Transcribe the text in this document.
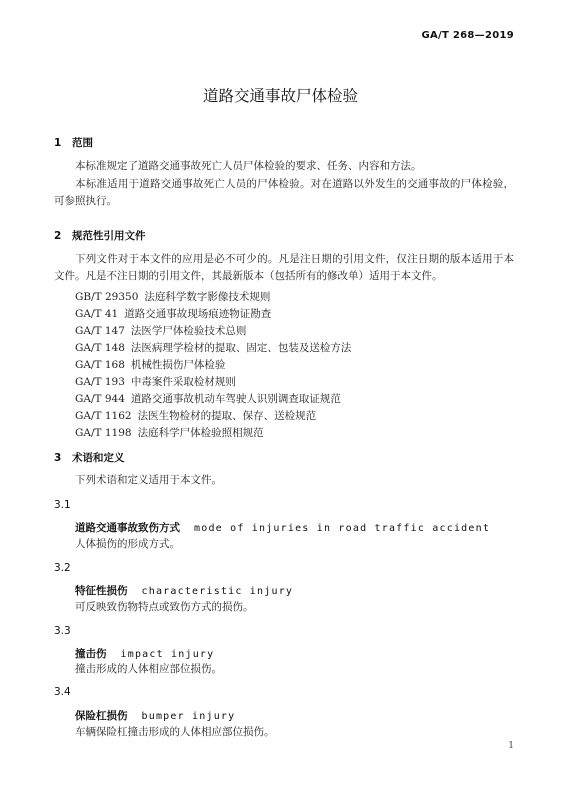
GA/T 268—2019
道路交通事故尸体检验
1 范围
本标准规定了道路交通事故死亡人员尸体检验的要求、任务、内容和方法。
本标准适用于道路交通事故死亡人员的尸体检验。对在道路以外发生的交通事故的尸体检验，可参照执行。
2 规范性引用文件
下列文件对于本文件的应用是必不可少的。凡是注日期的引用文件，仅注日期的版本适用于本文件。凡是不注日期的引用文件，其最新版本（包括所有的修改单）适用于本文件。
GB/T 29350 法庭科学数字影像技术规则
GA/T 41 道路交通事故现场痕迹物证勘查
GA/T 147 法医学尸体检验技术总则
GA/T 148 法医病理学检材的提取、固定、包装及送检方法
GA/T 168 机械性损伤尸体检验
GA/T 193 中毒案件采取检材规则
GA/T 944 道路交通事故机动车驾驶人识别调查取证规范
GA/T 1162 法医生物检材的提取、保存、送检规范
GA/T 1198 法庭科学尸体检验照相规范
3 术语和定义
下列术语和定义适用于本文件。
3.1
道路交通事故致伤方式 mode of injuries in road traffic accident
人体损伤的形成方式。
3.2
特征性损伤 characteristic injury
可反映致伤物特点或致伤方式的损伤。
3.3
撞击伤 impact injury
撞击形成的人体相应部位损伤。
3.4
保险杠损伤 bumper injury
车辆保险杠撞击形成的人体相应部位损伤。
1
